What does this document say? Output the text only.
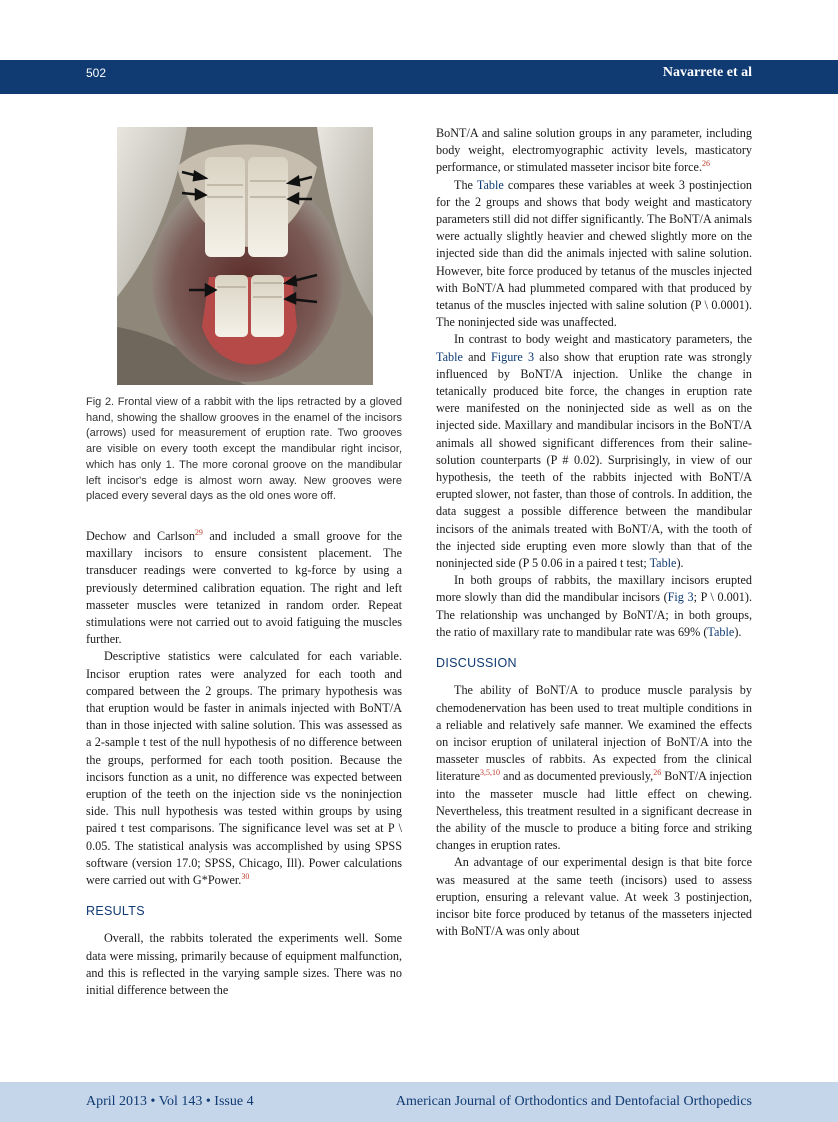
502	Navarrete et al
Fig 2. Frontal view of a rabbit with the lips retracted by a gloved hand, showing the shallow grooves in the enamel of the incisors (arrows) used for measurement of eruption rate. Two grooves are visible on every tooth except the mandibular right incisor, which has only 1. The more coronal groove on the mandibular left incisor's edge is almost worn away. New grooves were placed every several days as the old ones wore off.

Dechow and Carlson$^{29}$ and included a small groove for the maxillary incisors to ensure consistent placement. The transducer readings were converted to kg-force by using a previously determined calibration equation. The right and left masseter muscles were tetanized in random order. Repeat stimulations were not carried out to avoid fatiguing the muscles further.

Descriptive statistics were calculated for each variable. Incisor eruption rates were analyzed for each tooth and compared between the 2 groups. The primary hypothesis was that eruption would be faster in animals injected with BoNT/A than in those injected with saline solution. This was assessed as a 2-sample t test of the null hypothesis of no difference between the groups, performed for each tooth position. Because the incisors function as a unit, no difference was expected between eruption of the teeth on the injection side vs the noninjection side. This null hypothesis was tested within groups by using paired t test comparisons. The significance level was set at P \ 0.05. The statistical analysis was accomplished by using SPSS software (version 17.0; SPSS, Chicago, Ill). Power calculations were carried out with G*Power.$^{30}$

RESULTS

Overall, the rabbits tolerated the experiments well. Some data were missing, primarily because of equipment malfunction, and this is reflected in the varying sample sizes. There was no initial difference between the

BoNT/A and saline solution groups in any parameter, including body weight, electromyographic activity levels, masticatory performance, or stimulated masseter incisor bite force.$^{26}$

The Table compares these variables at week 3 postinjection for the 2 groups and shows that body weight and masticatory parameters still did not differ significantly. The BoNT/A animals were actually slightly heavier and chewed slightly more on the injected side than did the animals injected with saline solution. However, bite force produced by tetanus of the muscles injected with BoNT/A had plummeted compared with that produced by tetanus of the muscles injected with saline solution (P \ 0.0001). The noninjected side was unaffected.

In contrast to body weight and masticatory parameters, the Table and Figure 3 also show that eruption rate was strongly influenced by BoNT/A injection. Unlike the change in tetanically produced bite force, the changes in eruption rate were manifested on the noninjected side as well as on the injected side. Maxillary and mandibular incisors in the BoNT/A animals all showed significant differences from their saline-solution counterparts (P # 0.02). Surprisingly, in view of our hypothesis, the teeth of the rabbits injected with BoNT/A erupted slower, not faster, than those of controls. In addition, the data suggest a possible difference between the mandibular incisors of the animals treated with BoNT/A, with the tooth of the injected side erupting even more slowly than that of the noninjected side (P 5 0.06 in a paired t test; Table).

In both groups of rabbits, the maxillary incisors erupted more slowly than did the mandibular incisors (Fig 3; P \ 0.001). The relationship was unchanged by BoNT/A; in both groups, the ratio of maxillary rate to mandibular rate was 69% (Table).

DISCUSSION

The ability of BoNT/A to produce muscle paralysis by chemodenervation has been used to treat multiple conditions in a reliable and relatively safe manner. We examined the effects on incisor eruption of unilateral injection of BoNT/A into the masseter muscles of rabbits. As expected from the clinical literature$^{3,5,10}$ and as documented previously,$^{26}$ BoNT/A injection into the masseter muscle had little effect on chewing. Nevertheless, this treatment resulted in a significant decrease in the ability of the muscle to produce a biting force and striking changes in eruption rates.

An advantage of our experimental design is that bite force was measured at the same teeth (incisors) used to assess eruption, ensuring a relevant value. At week 3 postinjection, incisor bite force produced by tetanus of the masseters injected with BoNT/A was only about

April 2013 • Vol 143 • Issue 4	American Journal of Orthodontics and Dentofacial Orthopedics
